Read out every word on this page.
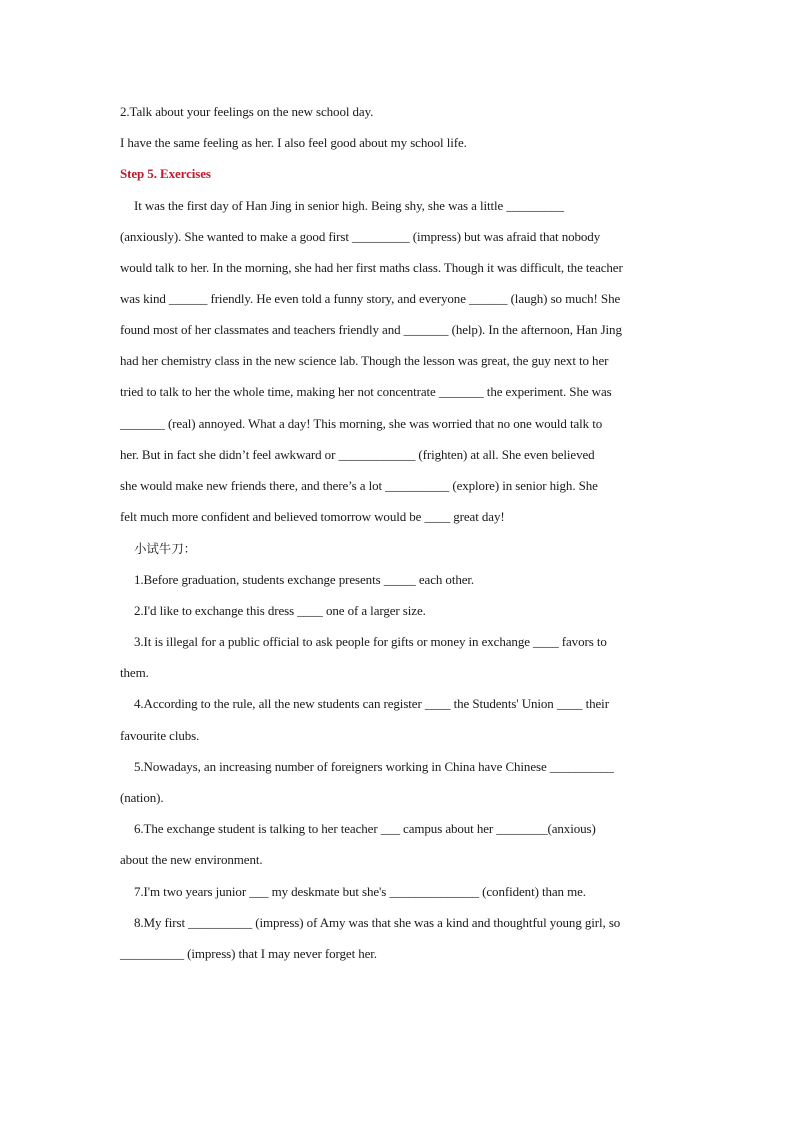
2.Talk about your feelings on the new school day.
I have the same feeling as her. I also feel good about my school life.
Step 5. Exercises
It was the first day of Han Jing in senior high. Being shy, she was a little _________
(anxiously). She wanted to make a good first _________ (impress) but was afraid that nobody
would talk to her. In the morning, she had her first maths class. Though it was difficult, the teacher
was kind ______ friendly. He even told a funny story, and everyone ______ (laugh) so much! She
found most of her classmates and teachers friendly and _______ (help). In the afternoon, Han Jing
had her chemistry class in the new science lab. Though the lesson was great, the guy next to her
tried to talk to her the whole time, making her not concentrate _______ the experiment. She was
_______ (real) annoyed. What a day! This morning, she was worried that no one would talk to
her. But in fact she didn’t feel awkward or ____________ (frighten) at all. She even believed
she would make new friends there, and there’s a lot __________ (explore) in senior high. She
felt much more confident and believed tomorrow would be ____ great day!
小试牛刀：
1.Before graduation, students exchange presents _____ each other.
2.I'd like to exchange this dress ____ one of a larger size.
3.It is illegal for a public official to ask people for gifts or money in exchange ____ favors to
them.
4.According to the rule, all the new students can register ____ the Students' Union ____ their
favourite clubs.
5.Nowadays, an increasing number of foreigners working in China have Chinese __________
(nation).
6.The exchange student is talking to her teacher ___ campus about her ________(anxious)
about the new environment.
7.I'm two years junior ___ my deskmate but she's ______________ (confident) than me.
8.My first __________ (impress) of Amy was that she was a kind and thoughtful young girl, so
__________ (impress) that I may never forget her.
